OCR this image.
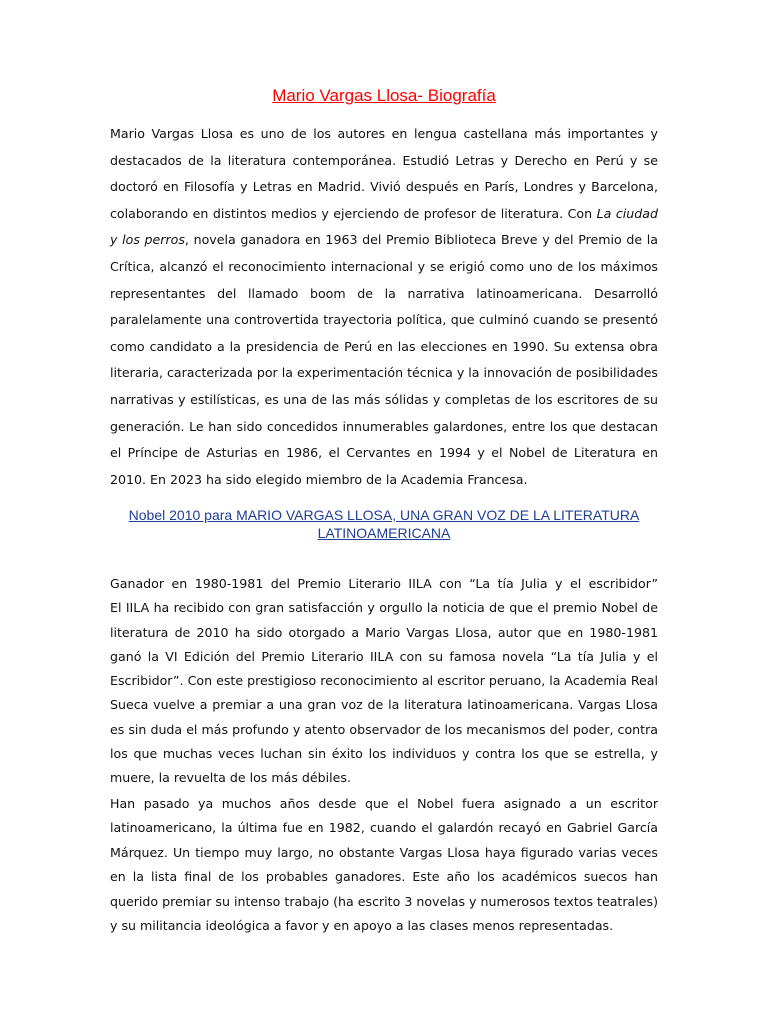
Mario Vargas Llosa- Biografía

Mario Vargas Llosa es uno de los autores en lengua castellana más importantes y destacados de la literatura contemporánea. Estudió Letras y Derecho en Perú y se doctoró en Filosofía y Letras en Madrid. Vivió después en París, Londres y Barcelona, colaborando en distintos medios y ejerciendo de profesor de literatura. Con La ciudad y los perros, novela ganadora en 1963 del Premio Biblioteca Breve y del Premio de la Crítica, alcanzó el reconocimiento internacional y se erigió como uno de los máximos representantes del llamado boom de la narrativa latinoamericana. Desarrolló paralelamente una controvertida trayectoria política, que culminó cuando se presentó como candidato a la presidencia de Perú en las elecciones en 1990. Su extensa obra literaria, caracterizada por la experimentación técnica y la innovación de posibilidades narrativas y estilísticas, es una de las más sólidas y completas de los escritores de su generación. Le han sido concedidos innumerables galardones, entre los que destacan el Príncipe de Asturias en 1986, el Cervantes en 1994 y el Nobel de Literatura en 2010. En 2023 ha sido elegido miembro de la Academia Francesa.

Nobel 2010 para MARIO VARGAS LLOSA, UNA GRAN VOZ DE LA LITERATURA LATINOAMERICANA
Ganador en 1980-1981 del Premio Literario IILA con “La tía Julia y el escribidor”
El IILA ha recibido con gran satisfacción y orgullo la noticia de que el premio Nobel de literatura de 2010 ha sido otorgado a Mario Vargas Llosa, autor que en 1980-1981 ganó la VI Edición del Premio Literario IILA con su famosa novela “La tía Julia y el Escribidor”. Con este prestigioso reconocimiento al escritor peruano, la Academia Real Sueca vuelve a premiar a una gran voz de la literatura latinoamericana. Vargas Llosa es sin duda el más profundo y atento observador de los mecanismos del poder, contra los que muchas veces luchan sin éxito los individuos y contra los que se estrella, y muere, la revuelta de los más débiles.

Han pasado ya muchos años desde que el Nobel fuera asignado a un escritor latinoamericano, la última fue en 1982, cuando el galardón recayó en Gabriel García Márquez. Un tiempo muy largo, no obstante Vargas Llosa haya figurado varias veces en la lista final de los probables ganadores. Este año los académicos suecos han querido premiar su intenso trabajo (ha escrito 3 novelas y numerosos textos teatrales) y su militancia ideológica a favor y en apoyo a las clases menos representadas.
